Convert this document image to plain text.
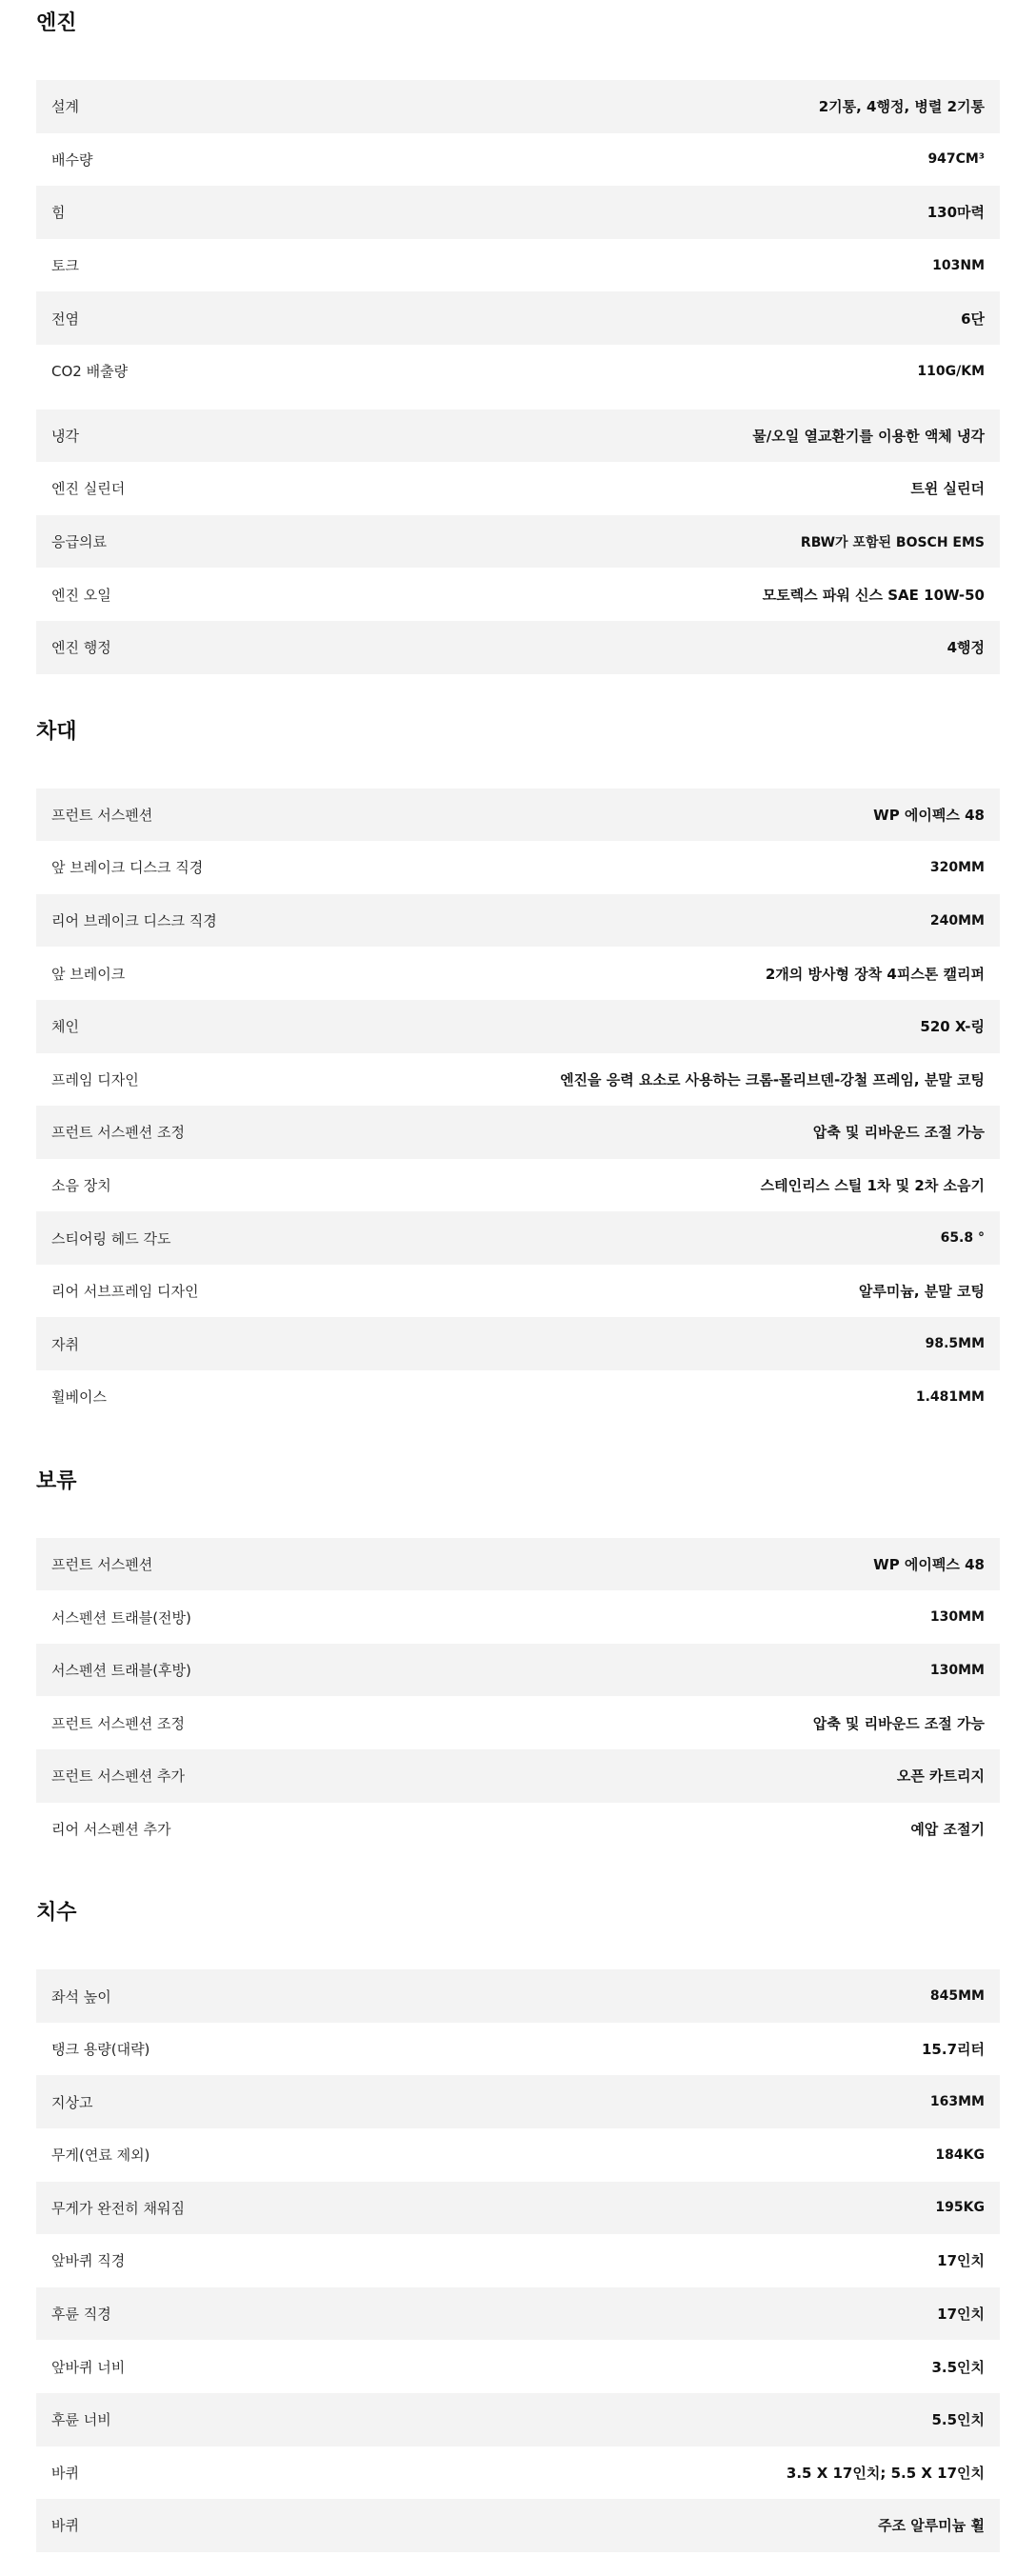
엔진
설계	2기통, 4행정, 병렬 2기통
배수량	947CM³
힘	130마력
토크	103NM
전염	6단
CO2 배출량	110G/KM
냉각	물/오일 열교환기를 이용한 액체 냉각
엔진 실린더	트윈 실린더
응급의료	RBW가 포함된 BOSCH EMS
엔진 오일	모토렉스 파워 신스 SAE 10W-50
엔진 행정	4행정
차대
프런트 서스펜션	WP 에이펙스 48
앞 브레이크 디스크 직경	320MM
리어 브레이크 디스크 직경	240MM
앞 브레이크	2개의 방사형 장착 4피스톤 캘리퍼
체인	520 X-링
프레임 디자인	엔진을 응력 요소로 사용하는 크롬-몰리브덴-강철 프레임, 분말 코팅
프런트 서스펜션 조정	압축 및 리바운드 조절 가능
소음 장치	스테인리스 스틸 1차 및 2차 소음기
스티어링 헤드 각도	65.8 °
리어 서브프레임 디자인	알루미늄, 분말 코팅
자취	98.5MM
휠베이스	1.481MM
보류
프런트 서스펜션	WP 에이펙스 48
서스펜션 트래블(전방)	130MM
서스펜션 트래블(후방)	130MM
프런트 서스펜션 조정	압축 및 리바운드 조절 가능
프런트 서스펜션 추가	오픈 카트리지
리어 서스펜션 추가	예압 조절기
치수
좌석 높이	845MM
탱크 용량(대략)	15.7리터
지상고	163MM
무게(연료 제외)	184KG
무게가 완전히 채워짐	195KG
앞바퀴 직경	17인치
후륜 직경	17인치
앞바퀴 너비	3.5인치
후륜 너비	5.5인치
바퀴	3.5 X 17인치; 5.5 X 17인치
바퀴	주조 알루미늄 휠
